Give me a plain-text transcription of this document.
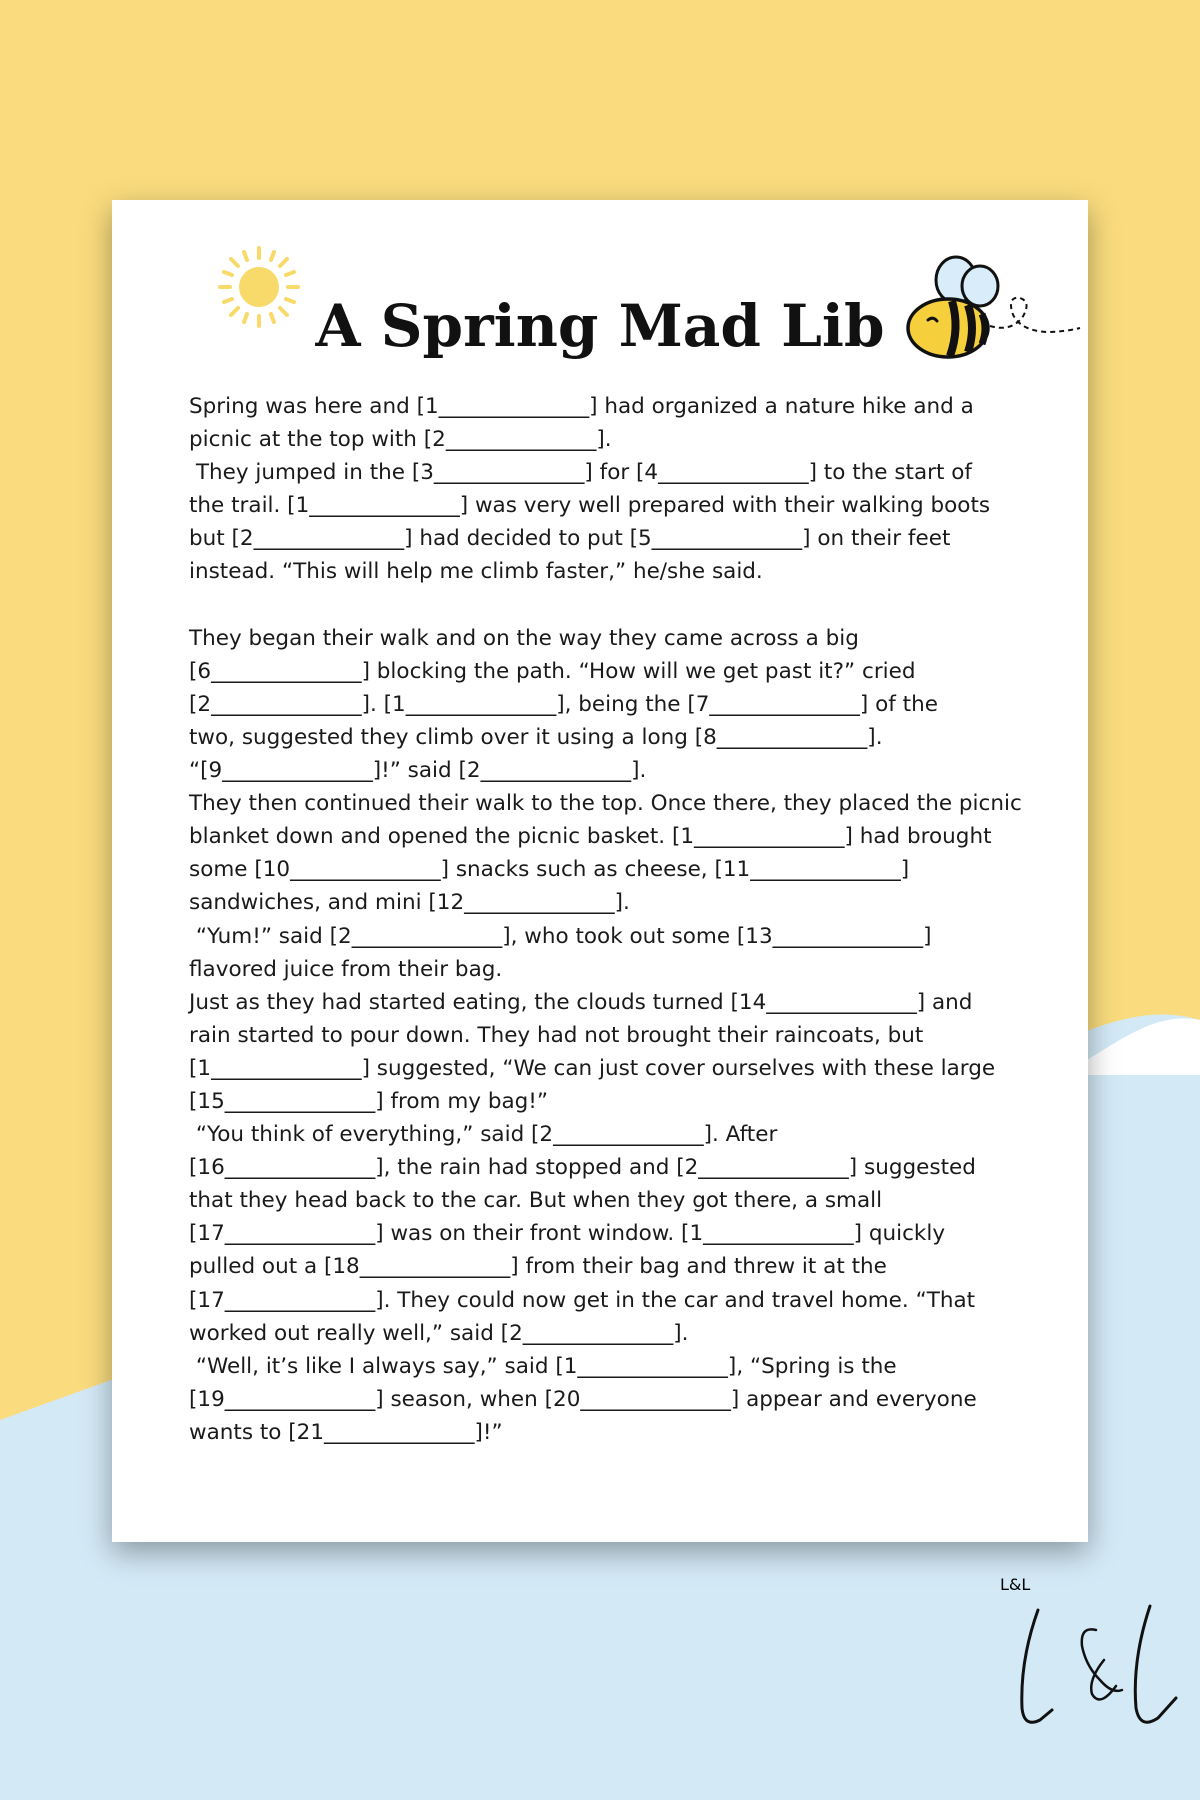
A Spring Mad Lib
Spring was here and [1______________] had organized a nature hike and a
picnic at the top with [2______________].
They jumped in the [3______________] for [4______________] to the start of
the trail. [1______________] was very well prepared with their walking boots
but [2______________] had decided to put [5______________] on their feet
instead. “This will help me climb faster,” he/she said.
They began their walk and on the way they came across a big
[6______________] blocking the path. “How will we get past it?” cried
[2______________]. [1______________], being the [7______________] of the
two, suggested they climb over it using a long [8______________].
“[9______________]!” said [2______________].
They then continued their walk to the top. Once there, they placed the picnic
blanket down and opened the picnic basket. [1______________] had brought
some [10______________] snacks such as cheese, [11______________]
sandwiches, and mini [12______________].
“Yum!” said [2______________], who took out some [13______________]
flavored juice from their bag.
Just as they had started eating, the clouds turned [14______________] and
rain started to pour down. They had not brought their raincoats, but
[1______________] suggested, “We can just cover ourselves with these large
[15______________] from my bag!”
“You think of everything,” said [2______________]. After
[16______________], the rain had stopped and [2______________] suggested
that they head back to the car. But when they got there, a small
[17______________] was on their front window. [1______________] quickly
pulled out a [18______________] from their bag and threw it at the
[17______________]. They could now get in the car and travel home. “That
worked out really well,” said [2______________].
“Well, it’s like I always say,” said [1______________], “Spring is the
[19______________] season, when [20______________] appear and everyone
wants to [21______________]!”
L&L
